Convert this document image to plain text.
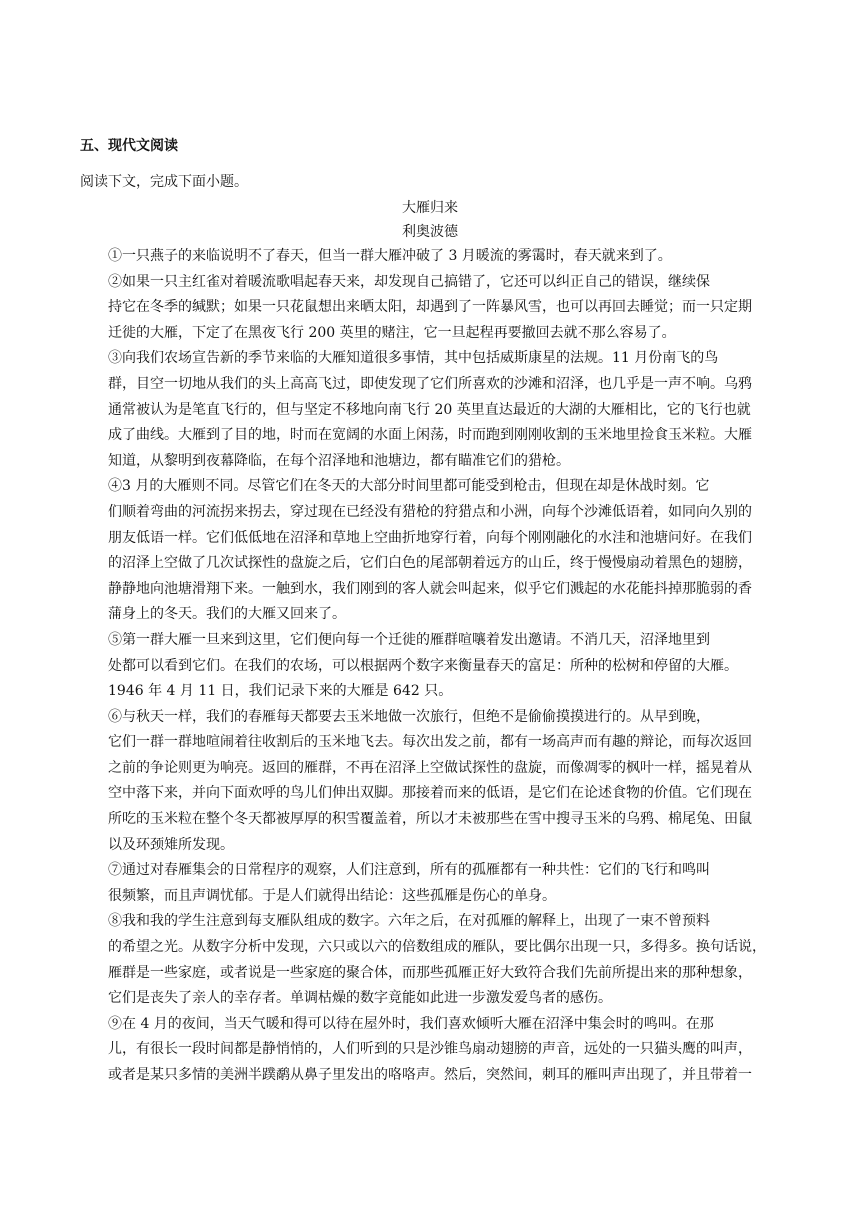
五、现代文阅读

阅读下文，完成下面小题。

大雁归来

利奥波德

①一只燕子的来临说明不了春天，但当一群大雁冲破了 3 月暖流的雾霭时，春天就来到了。

②如果一只主红雀对着暖流歌唱起春天来，却发现自己搞错了，它还可以纠正自己的错误，继续保
持它在冬季的缄默；如果一只花鼠想出来晒太阳，却遇到了一阵暴风雪，也可以再回去睡觉；而一只定期
迁徙的大雁，下定了在黑夜飞行 200 英里的赌注，它一旦起程再要撤回去就不那么容易了。

③向我们农场宣告新的季节来临的大雁知道很多事情，其中包括威斯康星的法规。11 月份南飞的鸟
群，目空一切地从我们的头上高高飞过，即使发现了它们所喜欢的沙滩和沼泽，也几乎是一声不响。乌鸦
通常被认为是笔直飞行的，但与坚定不移地向南飞行 20 英里直达最近的大湖的大雁相比，它的飞行也就
成了曲线。大雁到了目的地，时而在宽阔的水面上闲荡，时而跑到刚刚收割的玉米地里捡食玉米粒。大雁
知道，从黎明到夜幕降临，在每个沼泽地和池塘边，都有瞄准它们的猎枪。

④3 月的大雁则不同。尽管它们在冬天的大部分时间里都可能受到枪击，但现在却是休战时刻。它
们顺着弯曲的河流拐来拐去，穿过现在已经没有猎枪的狩猎点和小洲，向每个沙滩低语着，如同向久别的
朋友低语一样。它们低低地在沼泽和草地上空曲折地穿行着，向每个刚刚融化的水洼和池塘问好。在我们
的沼泽上空做了几次试探性的盘旋之后，它们白色的尾部朝着远方的山丘，终于慢慢扇动着黑色的翅膀，
静静地向池塘滑翔下来。一触到水，我们刚到的客人就会叫起来，似乎它们溅起的水花能抖掉那脆弱的香
蒲身上的冬天。我们的大雁又回来了。

⑤第一群大雁一旦来到这里，它们便向每一个迁徙的雁群喧嚷着发出邀请。不消几天，沼泽地里到
处都可以看到它们。在我们的农场，可以根据两个数字来衡量春天的富足：所种的松树和停留的大雁。
1946 年 4 月 11 日，我们记录下来的大雁是 642 只。

⑥与秋天一样，我们的春雁每天都要去玉米地做一次旅行，但绝不是偷偷摸摸进行的。从早到晚，
它们一群一群地喧闹着往收割后的玉米地飞去。每次出发之前，都有一场高声而有趣的辩论，而每次返回
之前的争论则更为响亮。返回的雁群，不再在沼泽上空做试探性的盘旋，而像凋零的枫叶一样，摇晃着从
空中落下来，并向下面欢呼的鸟儿们伸出双脚。那接着而来的低语，是它们在论述食物的价值。它们现在
所吃的玉米粒在整个冬天都被厚厚的积雪覆盖着，所以才未被那些在雪中搜寻玉米的乌鸦、棉尾兔、田鼠
以及环颈雉所发现。

⑦通过对春雁集会的日常程序的观察，人们注意到，所有的孤雁都有一种共性：它们的飞行和鸣叫
很频繁，而且声调忧郁。于是人们就得出结论：这些孤雁是伤心的单身。

⑧我和我的学生注意到每支雁队组成的数字。六年之后，在对孤雁的解释上，出现了一束不曾预料
的希望之光。从数字分析中发现，六只或以六的倍数组成的雁队，要比偶尔出现一只，多得多。换句话说，
雁群是一些家庭，或者说是一些家庭的聚合体，而那些孤雁正好大致符合我们先前所提出来的那种想象，
它们是丧失了亲人的幸存者。单调枯燥的数字竟能如此进一步激发爱鸟者的感伤。

⑨在 4 月的夜间，当天气暖和得可以待在屋外时，我们喜欢倾听大雁在沼泽中集会时的鸣叫。在那
儿，有很长一段时间都是静悄悄的，人们听到的只是沙锥鸟扇动翅膀的声音，远处的一只猫头鹰的叫声，
或者是某只多情的美洲半蹼鹬从鼻子里发出的咯咯声。然后，突然间，刺耳的雁叫声出现了，并且带着一
